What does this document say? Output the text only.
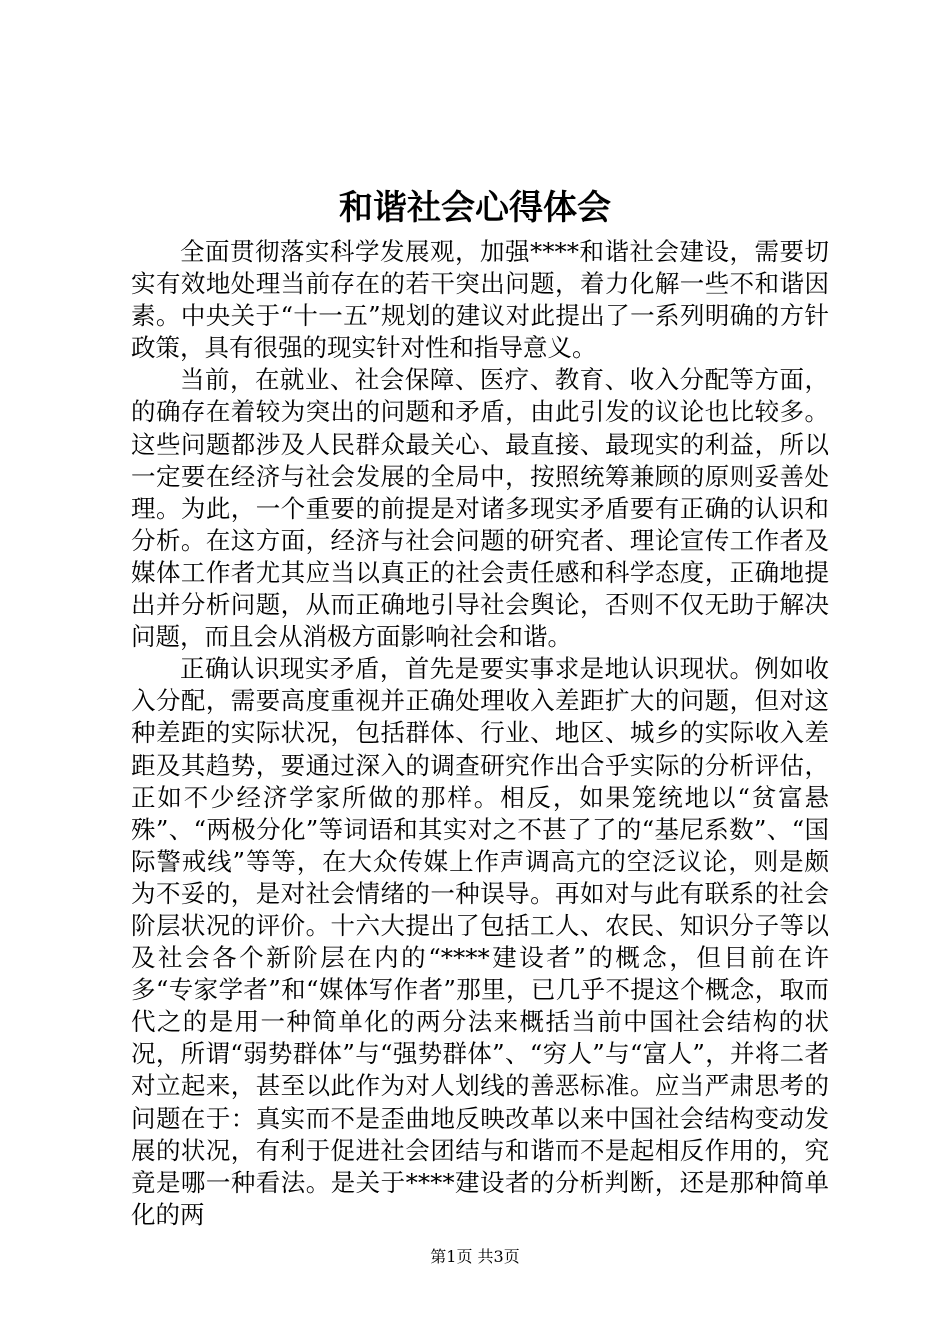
和谐社会心得体会

全面贯彻落实科学发展观，加强****和谐社会建设，需要切实有效地处理当前存在的若干突出问题，着力化解一些不和谐因素。中央关于“十一五”规划的建议对此提出了一系列明确的方针政策，具有很强的现实针对性和指导意义。

当前，在就业、社会保障、医疗、教育、收入分配等方面，的确存在着较为突出的问题和矛盾，由此引发的议论也比较多。这些问题都涉及人民群众最关心、最直接、最现实的利益，所以一定要在经济与社会发展的全局中，按照统筹兼顾的原则妥善处理。为此，一个重要的前提是对诸多现实矛盾要有正确的认识和分析。在这方面，经济与社会问题的研究者、理论宣传工作者及媒体工作者尤其应当以真正的社会责任感和科学态度，正确地提出并分析问题，从而正确地引导社会舆论，否则不仅无助于解决问题，而且会从消极方面影响社会和谐。

正确认识现实矛盾，首先是要实事求是地认识现状。例如收入分配，需要高度重视并正确处理收入差距扩大的问题，但对这种差距的实际状况，包括群体、行业、地区、城乡的实际收入差距及其趋势，要通过深入的调查研究作出合乎实际的分析评估，正如不少经济学家所做的那样。相反，如果笼统地以“贫富悬殊”、“两极分化”等词语和其实对之不甚了了的“基尼系数”、“国际警戒线”等等，在大众传媒上作声调高亢的空泛议论，则是颇为不妥的，是对社会情绪的一种误导。再如对与此有联系的社会阶层状况的评价。十六大提出了包括工人、农民、知识分子等以及社会各个新阶层在内的“****建设者”的概念，但目前在许多“专家学者”和“媒体写作者”那里，已几乎不提这个概念，取而代之的是用一种简单化的两分法来概括当前中国社会结构的状况，所谓“弱势群体”与“强势群体”、“穷人”与“富人”，并将二者对立起来，甚至以此作为对人划线的善恶标准。应当严肃思考的问题在于：真实而不是歪曲地反映改革以来中国社会结构变动发展的状况，有利于促进社会团结与和谐而不是起相反作用的，究竟是哪一种看法。是关于****建设者的分析判断，还是那种简单化的两

第1页 共3页
